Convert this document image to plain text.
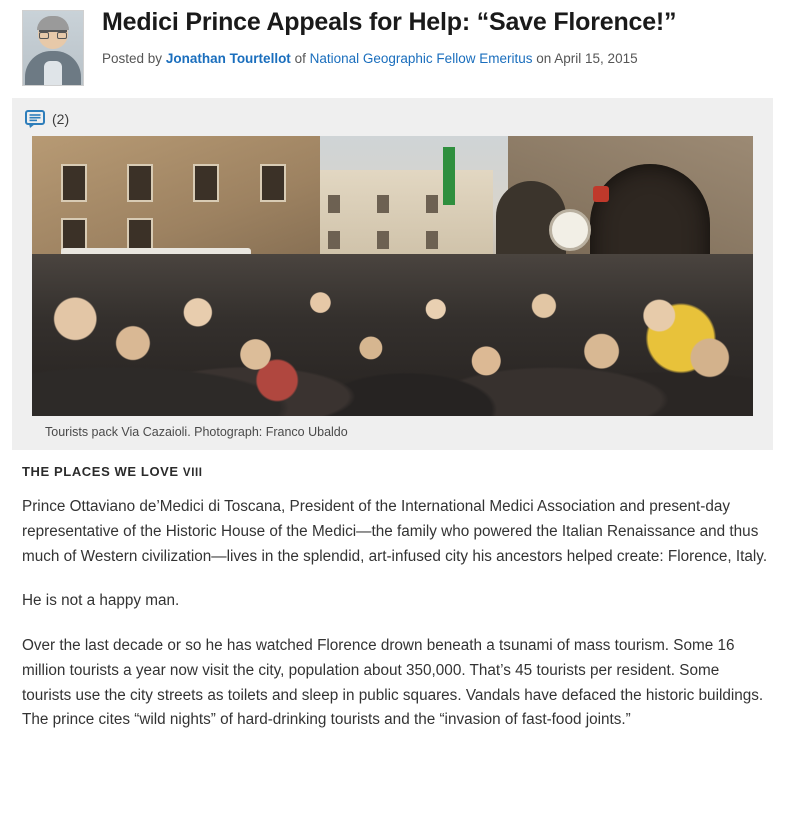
Medici Prince Appeals for Help: “Save Florence!”
Posted by Jonathan Tourtellot of National Geographic Fellow Emeritus on April 15, 2015
(2)
Tourists pack Via Cazaioli. Photograph: Franco Ubaldo
THE PLACES WE LOVE VIII

Prince Ottaviano de’Medici di Toscana, President of the International Medici Association and present-day representative of the Historic House of the Medici—the family who powered the Italian Renaissance and thus much of Western civilization—lives in the splendid, art-infused city his ancestors helped create: Florence, Italy.

He is not a happy man.

Over the last decade or so he has watched Florence drown beneath a tsunami of mass tourism. Some 16 million tourists a year now visit the city, population about 350,000. That’s 45 tourists per resident. Some tourists use the city streets as toilets and sleep in public squares. Vandals have defaced the historic buildings. The prince cites “wild nights” of hard-drinking tourists and the “invasion of fast-food joints.”
